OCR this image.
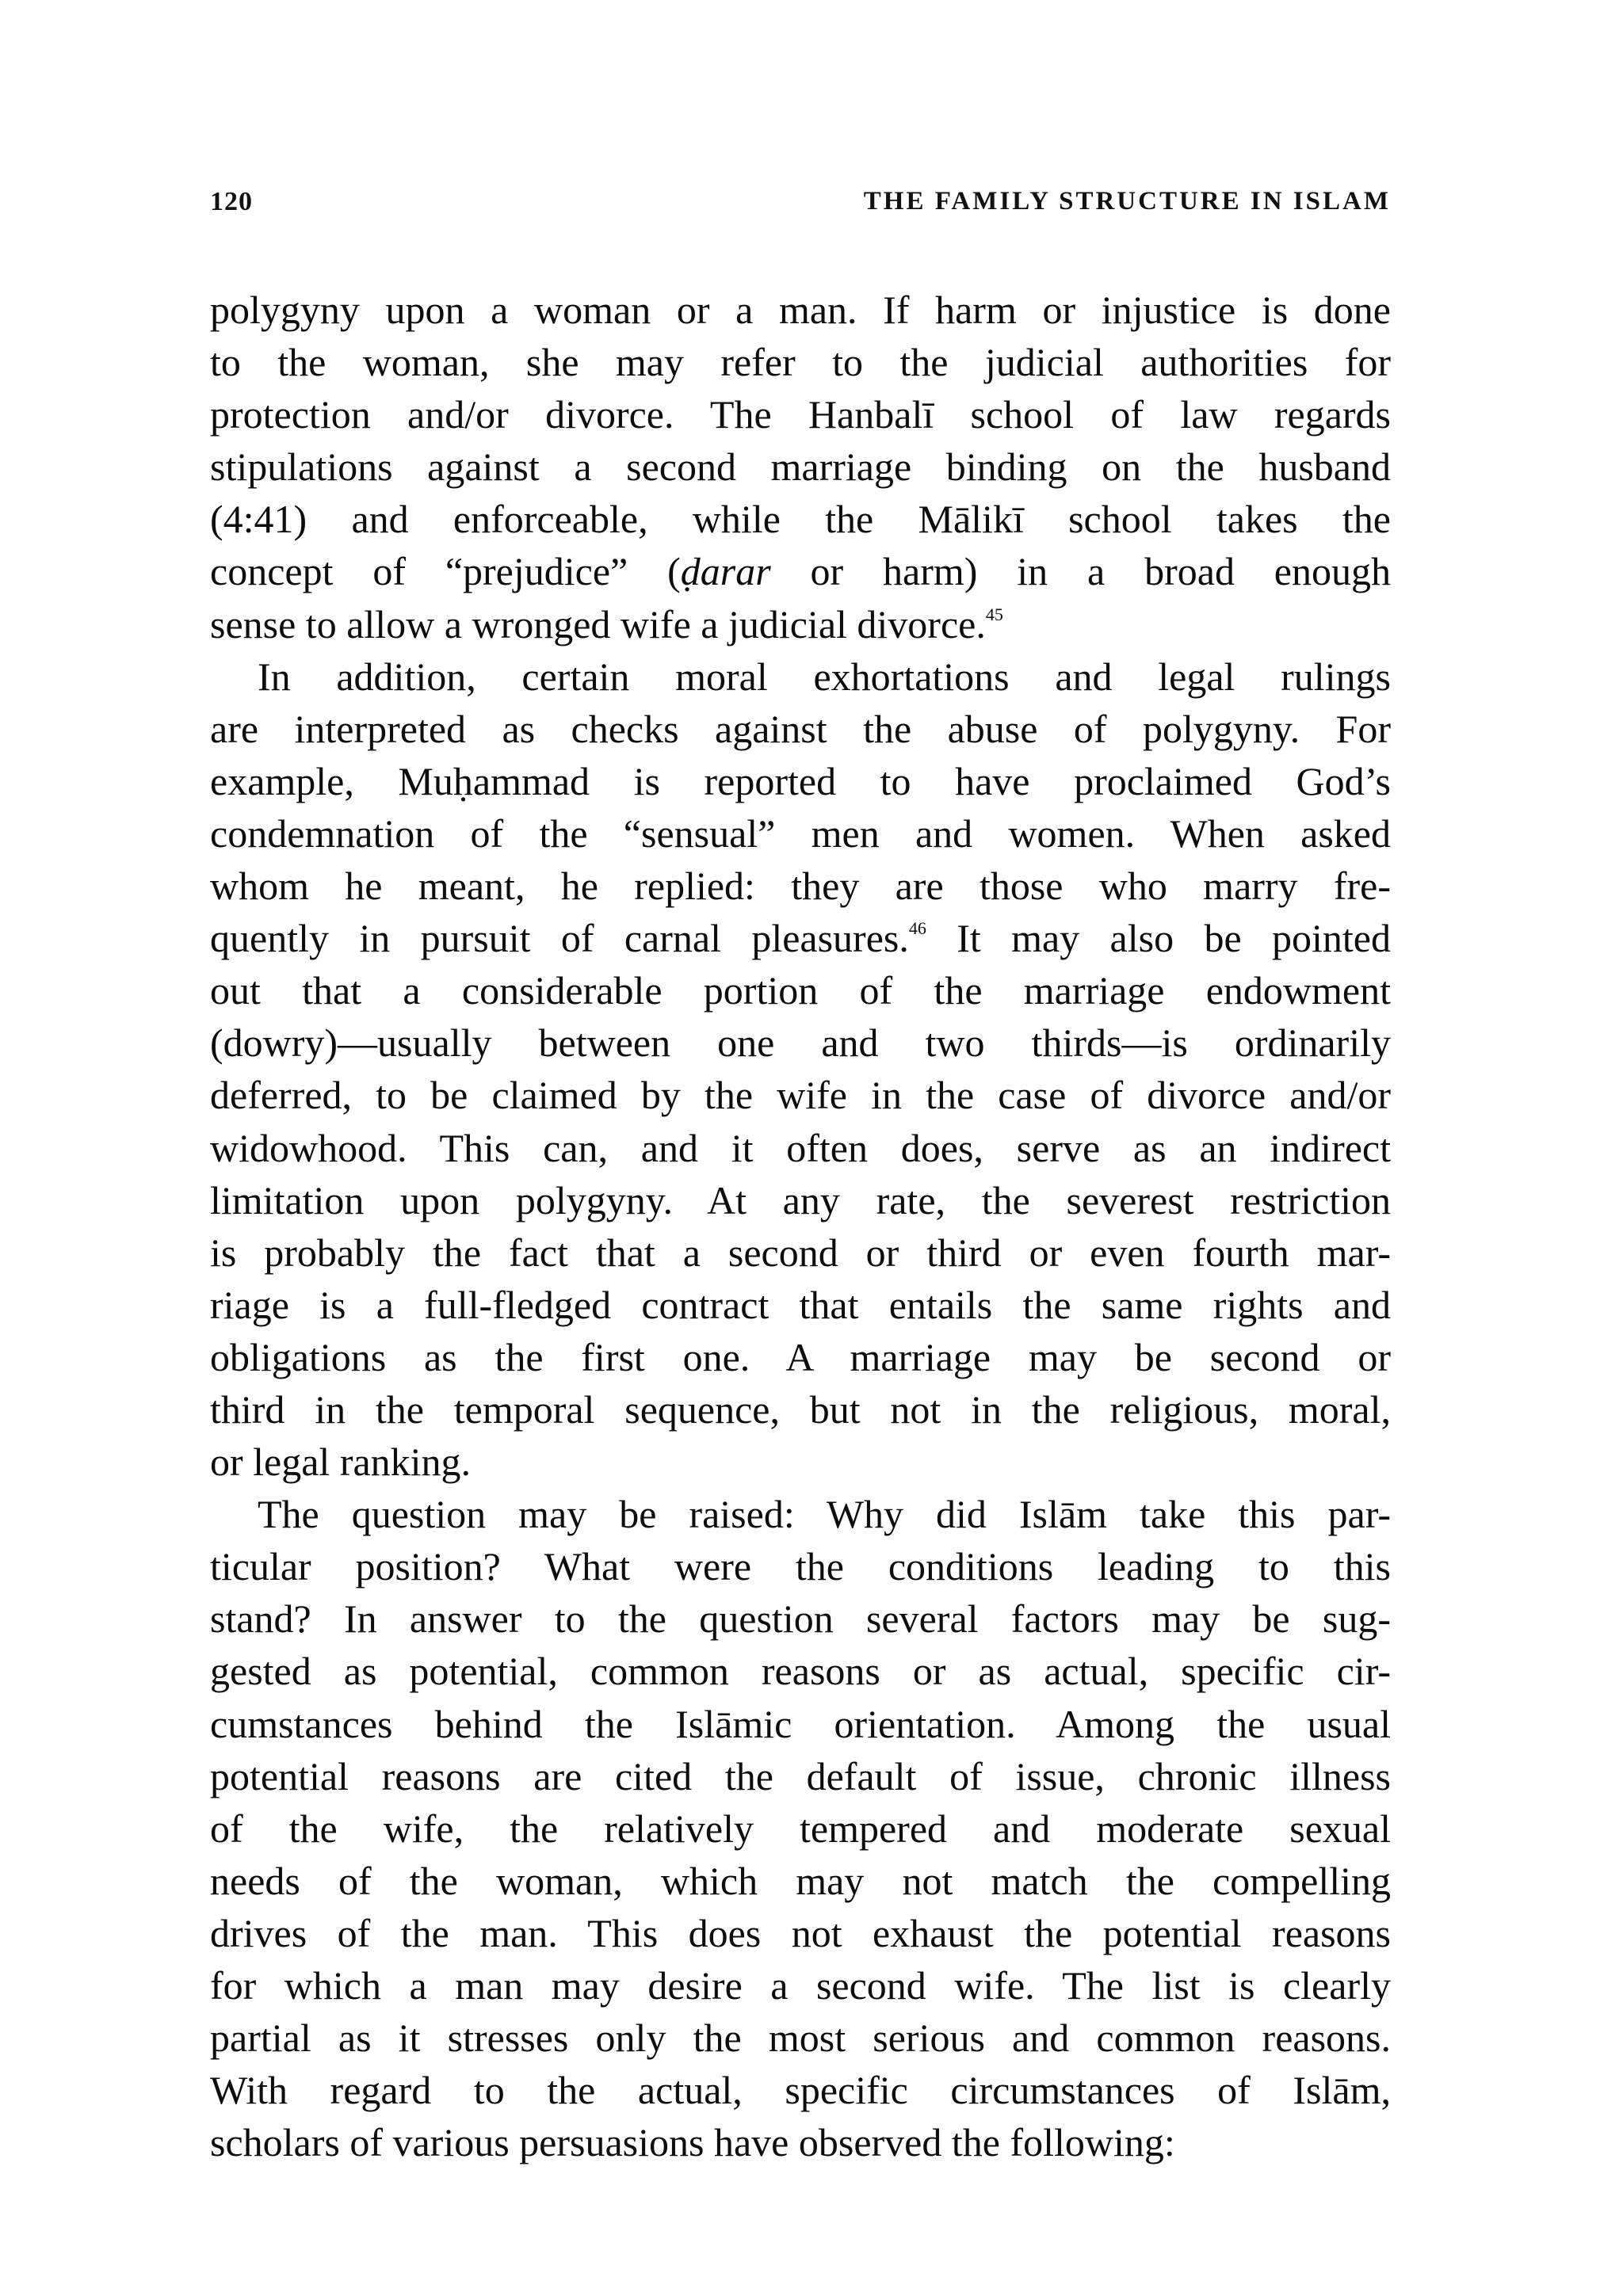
120	THE FAMILY STRUCTURE IN ISLAM
polygyny upon a woman or a man. If harm or injustice is done
to the woman, she may refer to the judicial authorities for
protection and/or divorce. The Hanbalī school of law regards
stipulations against a second marriage binding on the husband
(4:41) and enforceable, while the Mālikī school takes the
concept of “prejudice” (ḍarar or harm) in a broad enough
sense to allow a wronged wife a judicial divorce.$^{45}$
In addition, certain moral exhortations and legal rulings
are interpreted as checks against the abuse of polygyny. For
example, Muḥammad is reported to have proclaimed God’s
condemnation of the “sensual” men and women. When asked
whom he meant, he replied: they are those who marry fre-
quently in pursuit of carnal pleasures.$^{46}$ It may also be pointed
out that a considerable portion of the marriage endowment
(dowry)—usually between one and two thirds—is ordinarily
deferred, to be claimed by the wife in the case of divorce and/or
widowhood. This can, and it often does, serve as an indirect
limitation upon polygyny. At any rate, the severest restriction
is probably the fact that a second or third or even fourth mar-
riage is a full-fledged contract that entails the same rights and
obligations as the first one. A marriage may be second or
third in the temporal sequence, but not in the religious, moral,
or legal ranking.
The question may be raised: Why did Islām take this par-
ticular position? What were the conditions leading to this
stand? In answer to the question several factors may be sug-
gested as potential, common reasons or as actual, specific cir-
cumstances behind the Islāmic orientation. Among the usual
potential reasons are cited the default of issue, chronic illness
of the wife, the relatively tempered and moderate sexual
needs of the woman, which may not match the compelling
drives of the man. This does not exhaust the potential reasons
for which a man may desire a second wife. The list is clearly
partial as it stresses only the most serious and common reasons.
With regard to the actual, specific circumstances of Islām,
scholars of various persuasions have observed the following:
